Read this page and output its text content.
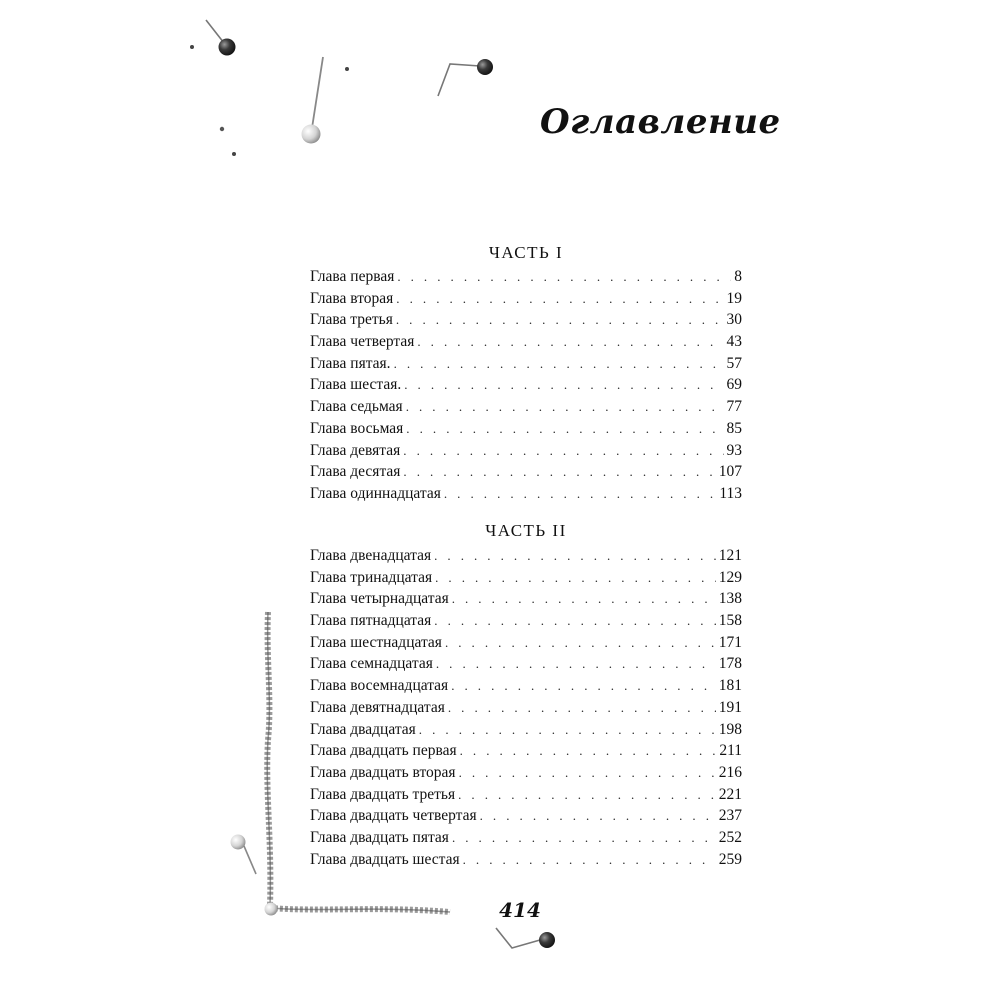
Оглавление
ЧАСТЬ I
Глава первая . . .	8
Глава вторая . . .	19
Глава третья . . .	30
Глава четвертая . . .	43
Глава пятая. . . .	57
Глава шестая. . . .	69
Глава седьмая . . .	77
Глава восьмая . . .	85
Глава девятая . . .	93
Глава десятая . . .	107
Глава одиннадцатая . . .	113
ЧАСТЬ II
Глава двенадцатая . . .	121
Глава тринадцатая . . .	129
Глава четырнадцатая . . .	138
Глава пятнадцатая . . .	158
Глава шестнадцатая . . .	171
Глава семнадцатая . . .	178
Глава восемнадцатая . . .	181
Глава девятнадцатая . . .	191
Глава двадцатая . . .	198
Глава двадцать первая . . .	211
Глава двадцать вторая . . .	216
Глава двадцать третья . . .	221
Глава двадцать четвертая . . .	237
Глава двадцать пятая . . .	252
Глава двадцать шестая . . .	259
414
